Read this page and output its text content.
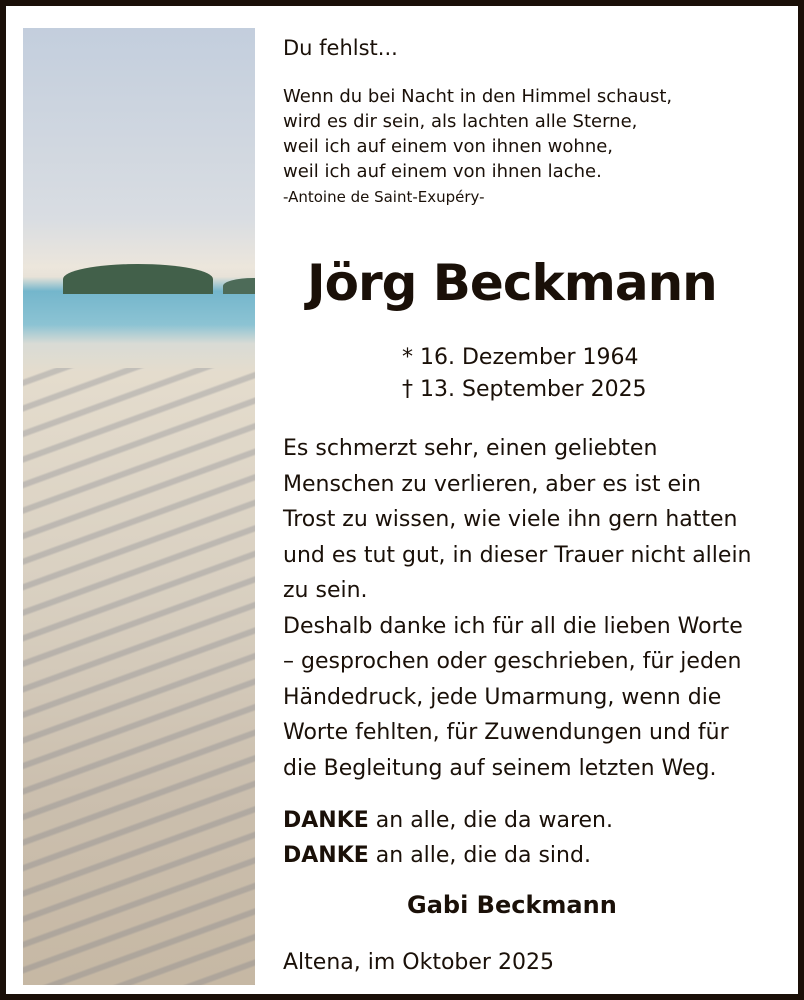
Du fehlst...
Wenn du bei Nacht in den Himmel schaust,
wird es dir sein, als lachten alle Sterne,
weil ich auf einem von ihnen wohne,
weil ich auf einem von ihnen lache.
-Antoine de Saint-Exupéry-
Jörg Beckmann
* 16. Dezember 1964
† 13. September 2025
Es schmerzt sehr, einen geliebten
Menschen zu verlieren, aber es ist ein
Trost zu wissen, wie viele ihn gern hatten
und es tut gut, in dieser Trauer nicht allein
zu sein.
Deshalb danke ich für all die lieben Worte
– gesprochen oder geschrieben, für jeden
Händedruck, jede Umarmung, wenn die
Worte fehlten, für Zuwendungen und für
die Begleitung auf seinem letzten Weg.
DANKE an alle, die da waren.
DANKE an alle, die da sind.
Gabi Beckmann
Altena, im Oktober 2025
